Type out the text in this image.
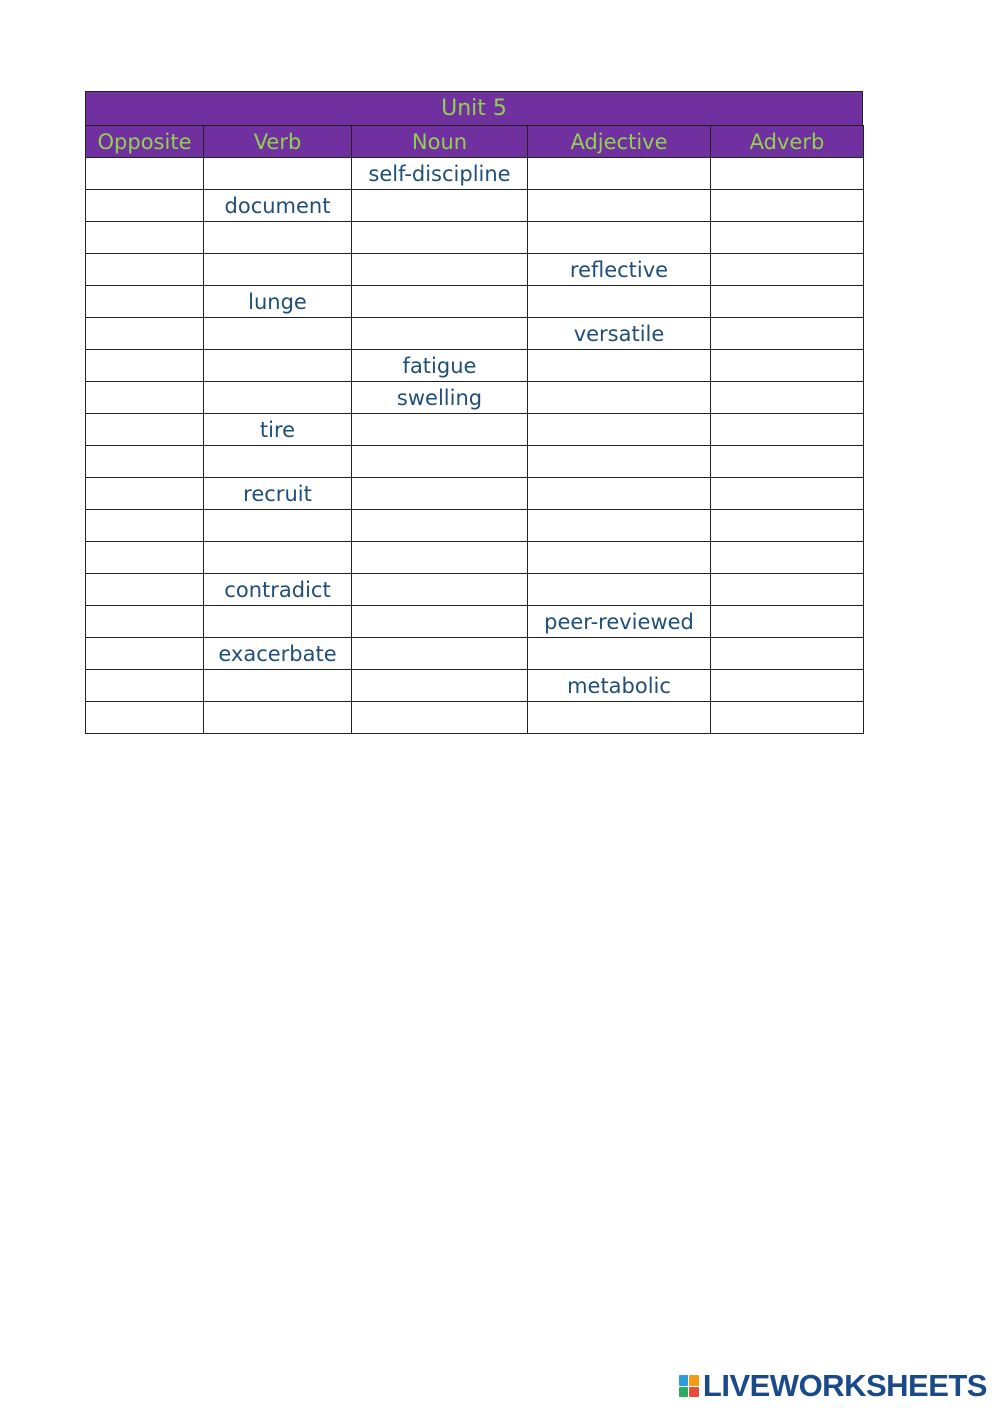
Unit 5
Opposite	Verb	Noun	Adjective	Adverb
		self-discipline		
	document			

			reflective	
	lunge			
			versatile	
		fatigue		
		swelling		
	tire			

	recruit			

	contradict			
			peer-reviewed	
	exacerbate			
			metabolic	

LIVEWORKSHEETS
